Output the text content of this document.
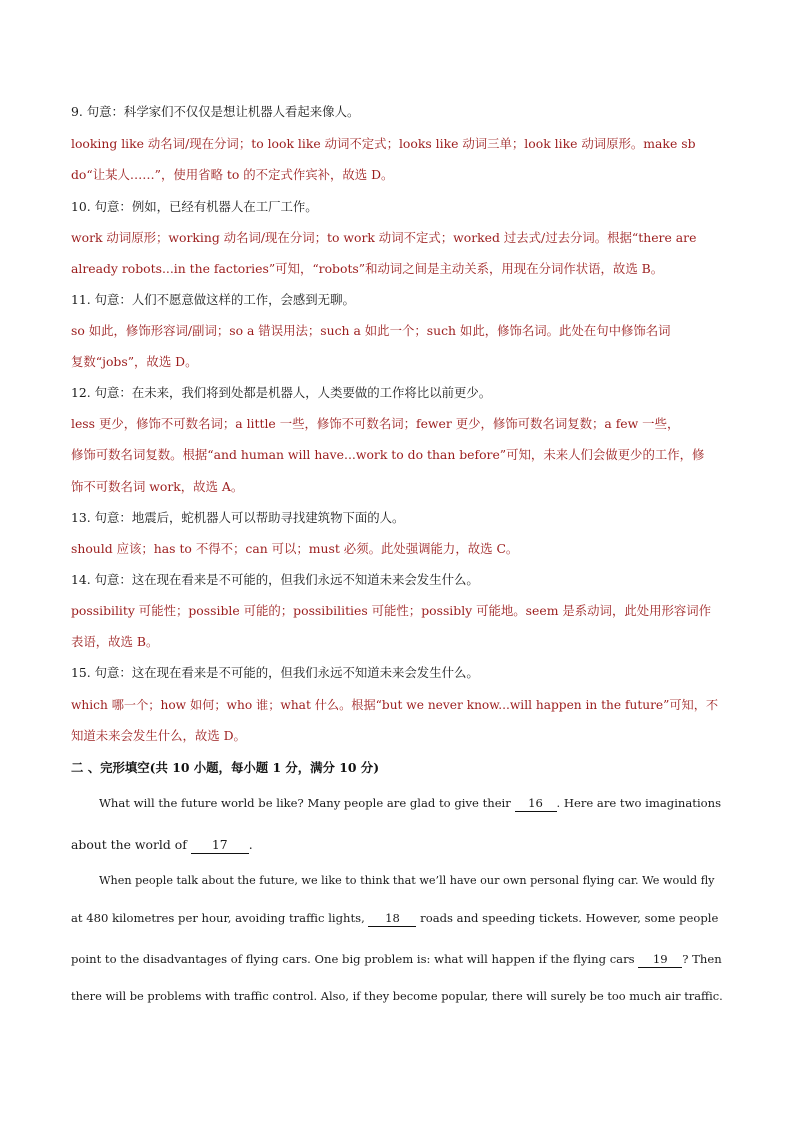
9. 句意：科学家们不仅仅是想让机器人看起来像人。
looking like 动名词/现在分词；to look like 动词不定式；looks like 动词三单；look like 动词原形。make sb
do“让某人……”，使用省略 to 的不定式作宾补，故选 D。
10. 句意：例如，已经有机器人在工厂工作。
work 动词原形；working 动名词/现在分词；to work 动词不定式；worked 过去式/过去分词。根据“there are
already robots...in the factories”可知，“robots”和动词之间是主动关系，用现在分词作状语，故选 B。
11. 句意：人们不愿意做这样的工作，会感到无聊。
so 如此，修饰形容词/副词；so a 错误用法；such a 如此一个；such 如此，修饰名词。此处在句中修饰名词
复数“jobs”，故选 D。
12. 句意：在未来，我们将到处都是机器人，人类要做的工作将比以前更少。
less 更少，修饰不可数名词；a little 一些，修饰不可数名词；fewer 更少，修饰可数名词复数；a few 一些，
修饰可数名词复数。根据“and human will have...work to do than before”可知，未来人们会做更少的工作，修
饰不可数名词 work，故选 A。
13. 句意：地震后，蛇机器人可以帮助寻找建筑物下面的人。
should 应该；has to 不得不；can 可以；must 必须。此处强调能力，故选 C。
14. 句意：这在现在看来是不可能的，但我们永远不知道未来会发生什么。
possibility 可能性；possible 可能的；possibilities 可能性；possibly 可能地。seem 是系动词，此处用形容词作
表语，故选 B。
15. 句意：这在现在看来是不可能的，但我们永远不知道未来会发生什么。
which 哪一个；how 如何；who 谁；what 什么。根据“but we never know...will happen in the future”可知，不
知道未来会发生什么，故选 D。
二 、完形填空(共 10 小题，每小题 1 分，满分 10 分)
What will the future world be like? Many people are glad to give their 16 . Here are two imaginations
about the world of 17 .
When people talk about the future, we like to think that we’ll have our own personal flying car. We would fly
at 480 kilometres per hour, avoiding traffic lights, 18 roads and speeding tickets. However, some people
point to the disadvantages of flying cars. One big problem is: what will happen if the flying cars 19 ? Then
there will be problems with traffic control. Also, if they become popular, there will surely be too much air traffic.
